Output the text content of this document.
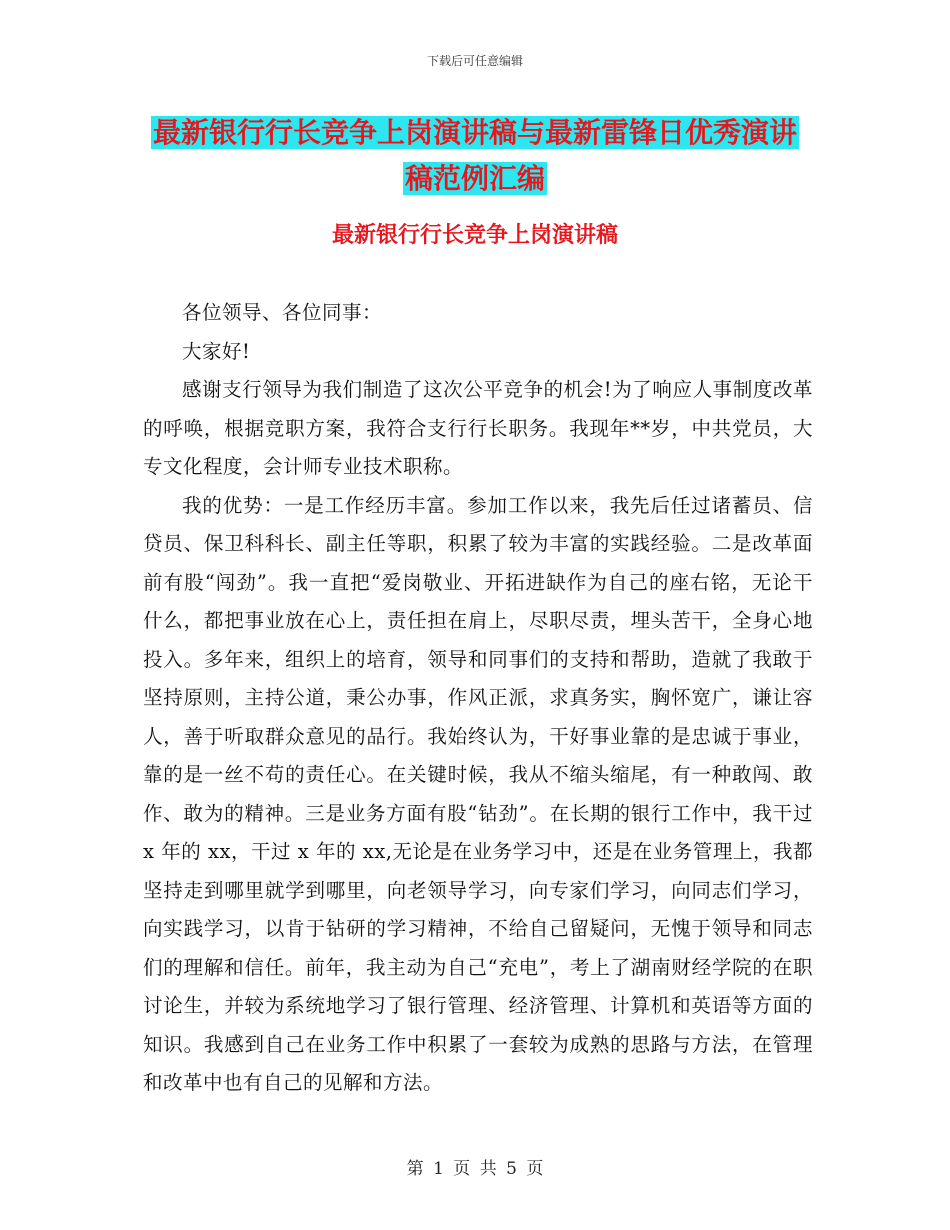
下载后可任意编辑
最新银行行长竞争上岗演讲稿与最新雷锋日优秀演讲
稿范例汇编
最新银行行长竞争上岗演讲稿

各位领导、各位同事：

大家好!

感谢支行领导为我们制造了这次公平竞争的机会!为了响应人事制度改革的呼唤，根据竞职方案，我符合支行行长职务。我现年**岁，中共党员，大专文化程度，会计师专业技术职称。

我的优势：一是工作经历丰富。参加工作以来，我先后任过诸蓄员、信贷员、保卫科科长、副主任等职，积累了较为丰富的实践经验。二是改革面前有股“闯劲”。我一直把“爱岗敬业、开拓进缺作为自己的座右铭，无论干什么，都把事业放在心上，责任担在肩上，尽职尽责，埋头苦干，全身心地投入。多年来，组织上的培育，领导和同事们的支持和帮助，造就了我敢于坚持原则，主持公道，秉公办事，作风正派，求真务实，胸怀宽广，谦让容人，善于听取群众意见的品行。我始终认为，干好事业靠的是忠诚于事业，靠的是一丝不苟的责任心。在关键时候，我从不缩头缩尾，有一种敢闯、敢作、敢为的精神。三是业务方面有股“钻劲”。在长期的银行工作中，我干过 x 年的 xx，干过 x 年的 xx,无论是在业务学习中，还是在业务管理上，我都坚持走到哪里就学到哪里，向老领导学习，向专家们学习，向同志们学习，向实践学习，以肯于钻研的学习精神，不给自己留疑问，无愧于领导和同志们的理解和信任。前年，我主动为自己“充电”，考上了湖南财经学院的在职讨论生，并较为系统地学习了银行管理、经济管理、计算机和英语等方面的知识。我感到自己在业务工作中积累了一套较为成熟的思路与方法，在管理和改革中也有自己的见解和方法。

第 1 页 共 5 页
